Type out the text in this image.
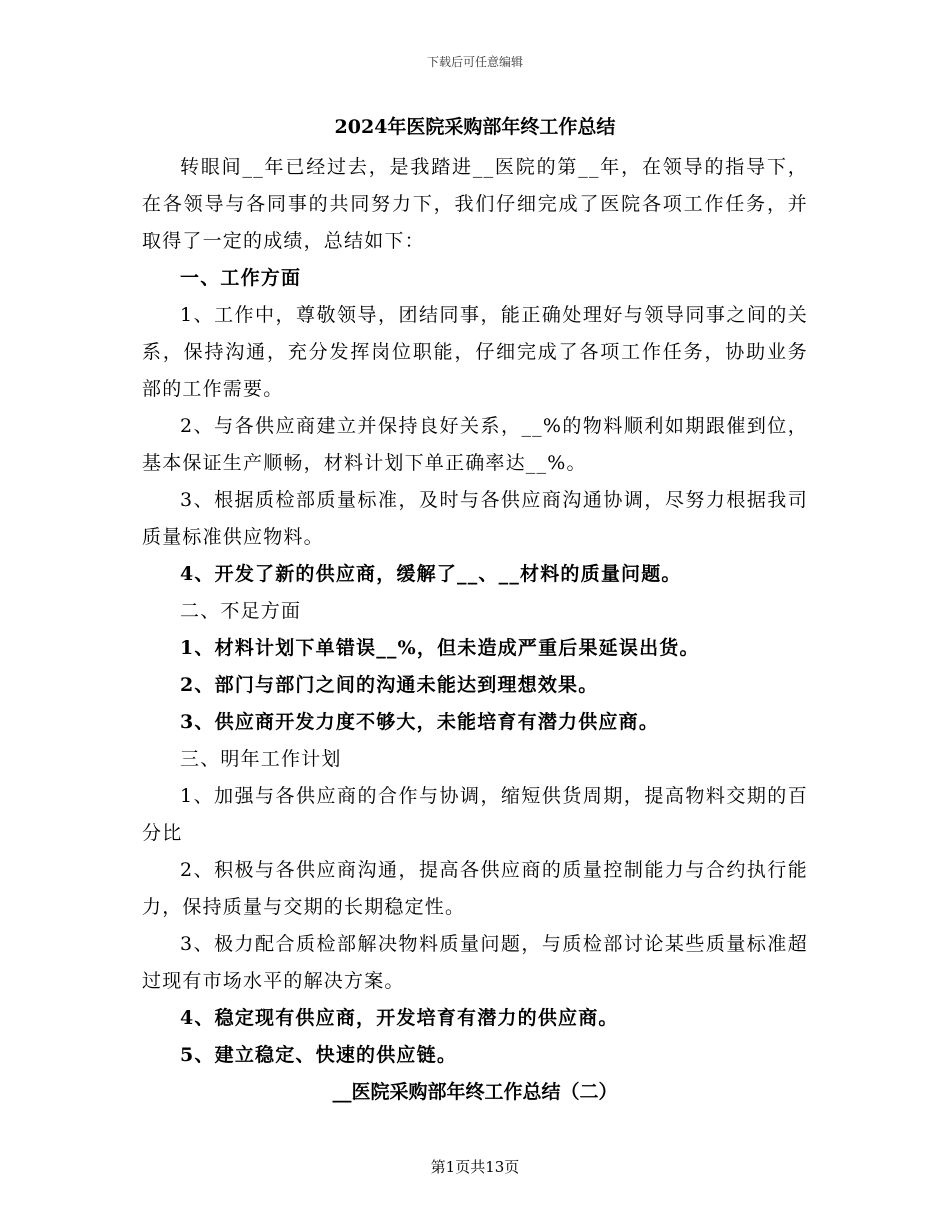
下载后可任意编辑
2024年医院采购部年终工作总结

转眼间__年已经过去，是我踏进__医院的第__年，在领导的指导下，在各领导与各同事的共同努力下，我们仔细完成了医院各项工作任务，并取得了一定的成绩，总结如下：

一、工作方面

1、工作中，尊敬领导，团结同事，能正确处理好与领导同事之间的关系，保持沟通，充分发挥岗位职能，仔细完成了各项工作任务，协助业务部的工作需要。

2、与各供应商建立并保持良好关系，__%的物料顺利如期跟催到位，基本保证生产顺畅，材料计划下单正确率达__%。

3、根据质检部质量标准，及时与各供应商沟通协调，尽努力根据我司质量标准供应物料。

4、开发了新的供应商，缓解了__、__材料的质量问题。

二、不足方面

1、材料计划下单错误__%，但未造成严重后果延误出货。

2、部门与部门之间的沟通未能达到理想效果。

3、供应商开发力度不够大，未能培育有潜力供应商。

三、明年工作计划

1、加强与各供应商的合作与协调，缩短供货周期，提高物料交期的百分比

2、积极与各供应商沟通，提高各供应商的质量控制能力与合约执行能力，保持质量与交期的长期稳定性。

3、极力配合质检部解决物料质量问题，与质检部讨论某些质量标准超过现有市场水平的解决方案。

4、稳定现有供应商，开发培育有潜力的供应商。

5、建立稳定、快速的供应链。

__医院采购部年终工作总结（二）
第1页共13页
